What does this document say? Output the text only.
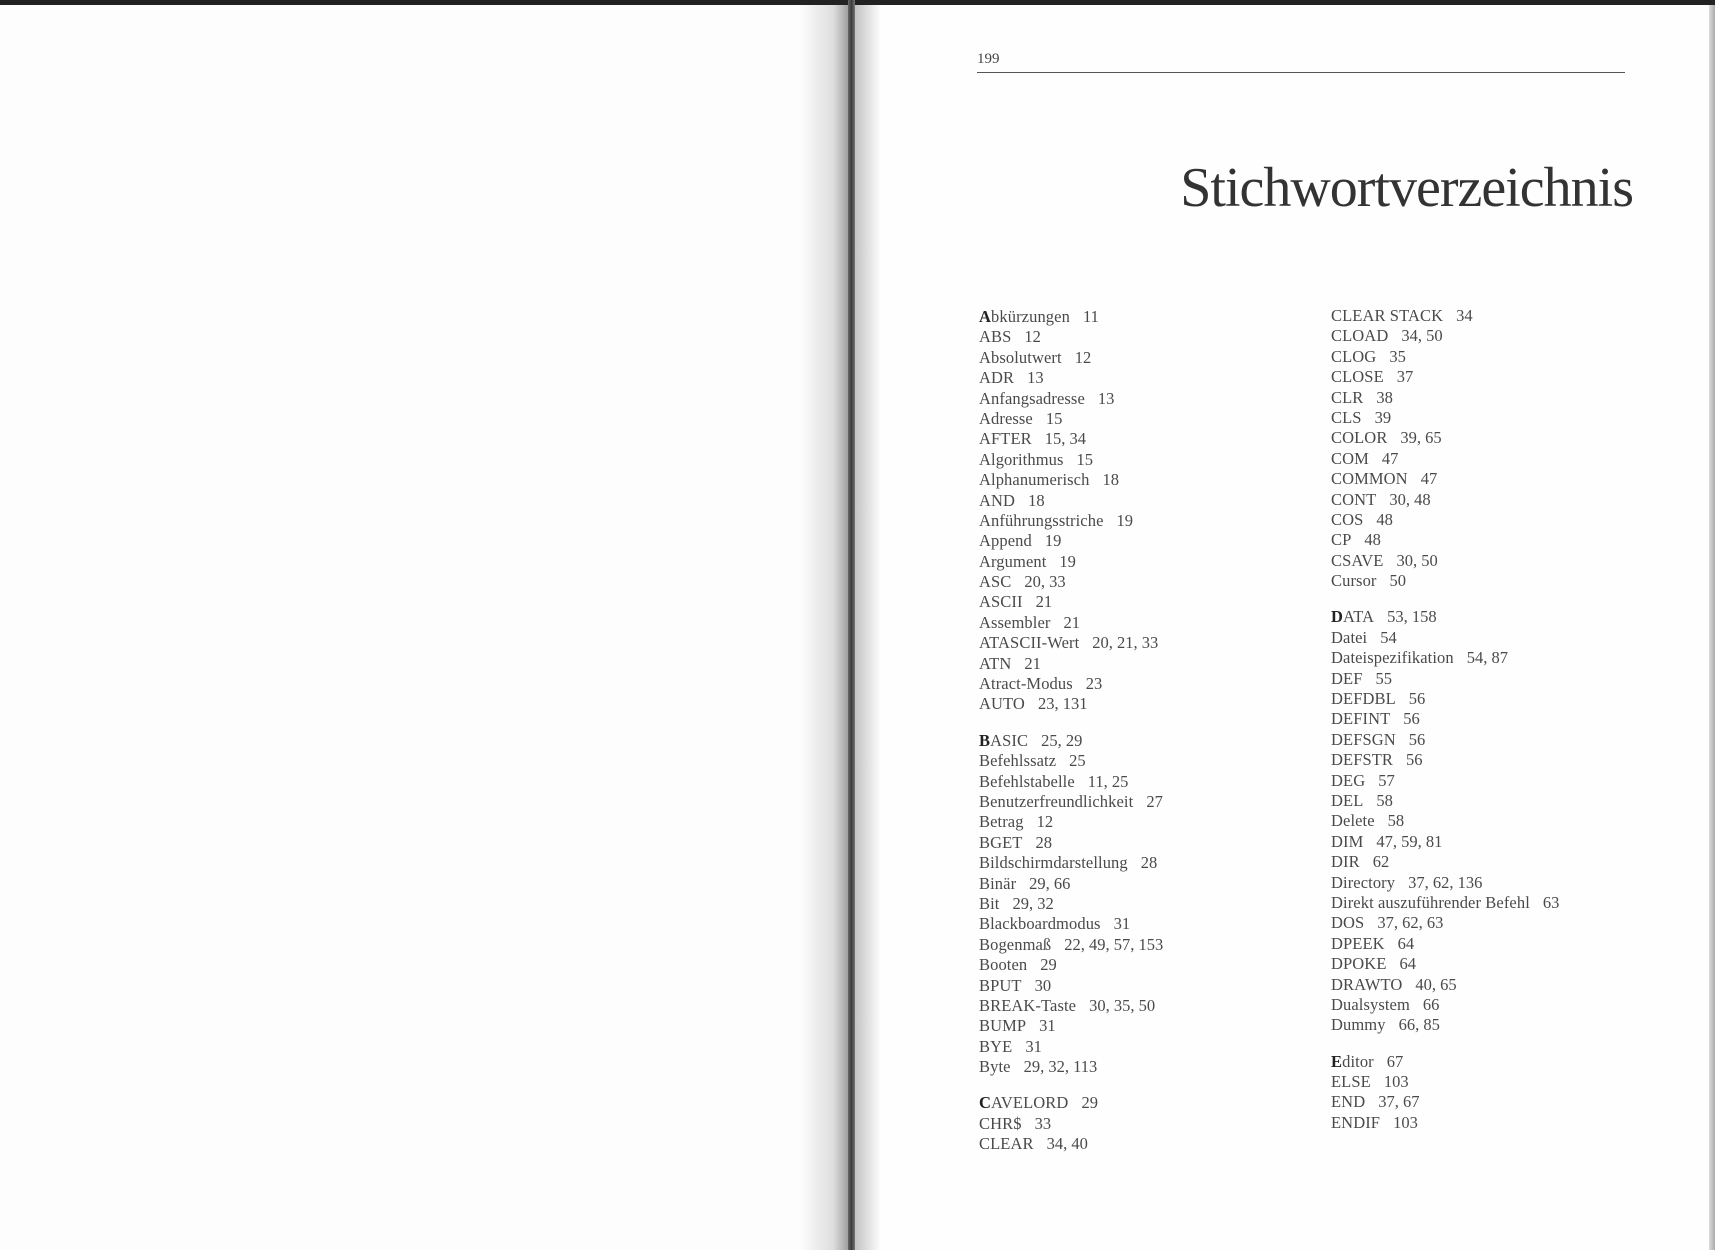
199
Stichwortverzeichnis
Abkürzungen 11
ABS 12
Absolutwert 12
ADR 13
Anfangsadresse 13
Adresse 15
AFTER 15, 34
Algorithmus 15
Alphanumerisch 18
AND 18
Anführungsstriche 19
Append 19
Argument 19
ASC 20, 33
ASCII 21
Assembler 21
ATASCII-Wert 20, 21, 33
ATN 21
Atract-Modus 23
AUTO 23, 131
BASIC 25, 29
Befehlssatz 25
Befehlstabelle 11, 25
Benutzerfreundlichkeit 27
Betrag 12
BGET 28
Bildschirmdarstellung 28
Binär 29, 66
Bit 29, 32
Blackboardmodus 31
Bogenmaß 22, 49, 57, 153
Booten 29
BPUT 30
BREAK-Taste 30, 35, 50
BUMP 31
BYE 31
Byte 29, 32, 113
CAVELORD 29
CHR$ 33
CLEAR 34, 40
CLEAR STACK 34
CLOAD 34, 50
CLOG 35
CLOSE 37
CLR 38
CLS 39
COLOR 39, 65
COM 47
COMMON 47
CONT 30, 48
COS 48
CP 48
CSAVE 30, 50
Cursor 50
DATA 53, 158
Datei 54
Dateispezifikation 54, 87
DEF 55
DEFDBL 56
DEFINT 56
DEFSGN 56
DEFSTR 56
DEG 57
DEL 58
Delete 58
DIM 47, 59, 81
DIR 62
Directory 37, 62, 136
Direkt auszuführender Befehl 63
DOS 37, 62, 63
DPEEK 64
DPOKE 64
DRAWTO 40, 65
Dualsystem 66
Dummy 66, 85
Editor 67
ELSE 103
END 37, 67
ENDIF 103
